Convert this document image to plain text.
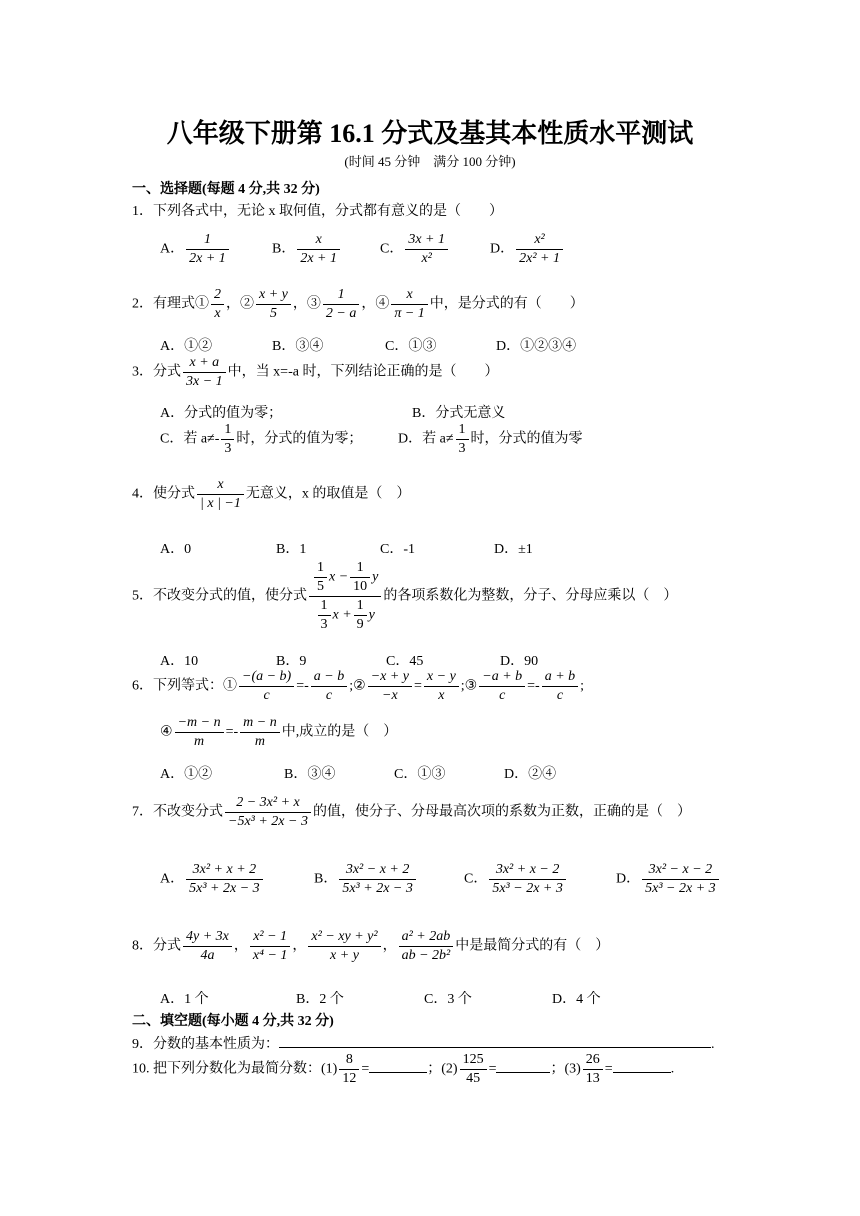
八年级下册第 16.1 分式及基其本性质水平测试
(时间 45 分钟　满分 100 分钟)
一、选择题(每题 4 分,共 32 分)
1．下列各式中，无论 x 取何值，分式都有意义的是（　　）
A． $\frac{1}{2x + 1}$	B． $\frac{x}{2x + 1}$	C． $\frac{3x + 1}{\text{x²}}$	D． $\frac{\text{x²}}{\text{2x² + 1}}$
2．有理式① $\frac{2}{x}$ ，② $\frac{x + y}{5}$ ，③ $\frac{1}{2 - a}$ ，④ $\frac{x}{\pi - 1}$ 中，是分式的有（　　）
A．①②	B．③④	C．①③	D．①②③④
3．分式 $\frac{x + a}{3x - 1}$ 中，当 x=-a 时，下列结论正确的是（　　）
A．分式的值为零；	B．分式无意义
C．若 $a\ne- \frac{1}{3}$ 时，分式的值为零；	D．若 $a\ne \frac{1}{3}$ 时，分式的值为零
4．使分式 $\frac{x}{| x | -1}$ 无意义，x 的取值是（　）
A．0	B．1	C．-1	D．±1
5．不改变分式的值，使分式 $\frac{\frac{1}{5} x - \frac{1}{10} y}{\frac{1}{3} x + \frac{1}{9} y}$ 的各项系数化为整数，分子、分母应乘以（　）
A．10	B．9	C．45	D．90
6．下列等式：① $\frac{-(a - b)}{c} =- \frac{a - b}{c}$ ;② $\frac{-x + y}{-x} = \frac{x - y}{x}$ ;③ $\frac{-a + b}{c} =- \frac{a + b}{c}$ ;
④ $\frac{-m - n}{m} =- \frac{m - n}{m}$ 中,成立的是（　）
A．①②	B．③④	C．①③	D．②④
7．不改变分式 $\frac{\text{2 − 3x² + x}}{\text{−5x³ + 2x − 3}}$ 的值，使分子、分母最高次项的系数为正数，正确的是（　）
A． $\frac{\text{3x² + x + 2}}{\text{5x³ + 2x − 3}}$	B． $\frac{\text{3x² − x + 2}}{\text{5x³ + 2x − 3}}$	C． $\frac{\text{3x² + x − 2}}{\text{5x³ − 2x + 3}}$	D． $\frac{\text{3x² − x − 2}}{\text{5x³ − 2x + 3}}$
8．分式 $\frac{4y + 3x}{4a}$ ， $\frac{\text{x² − 1}}{\text{x⁴ − 1}}$ ， $\frac{\text{x² − xy + y²}}{x + y}$ ， $\frac{\text{a² + 2ab}}{\text{ab − 2b²}}$ 中是最简分式的有（　）
A．1 个	B．2 个	C．3 个	D．4 个
二、填空题(每小题 4 分,共 32 分)
9．分数的基本性质为：	.
10. 把下列分数化为最简分数：$(1) \frac{8}{12}$ =	；$(2) \frac{125}{45}$ =	；$(3) \frac{26}{13}$ =	.
